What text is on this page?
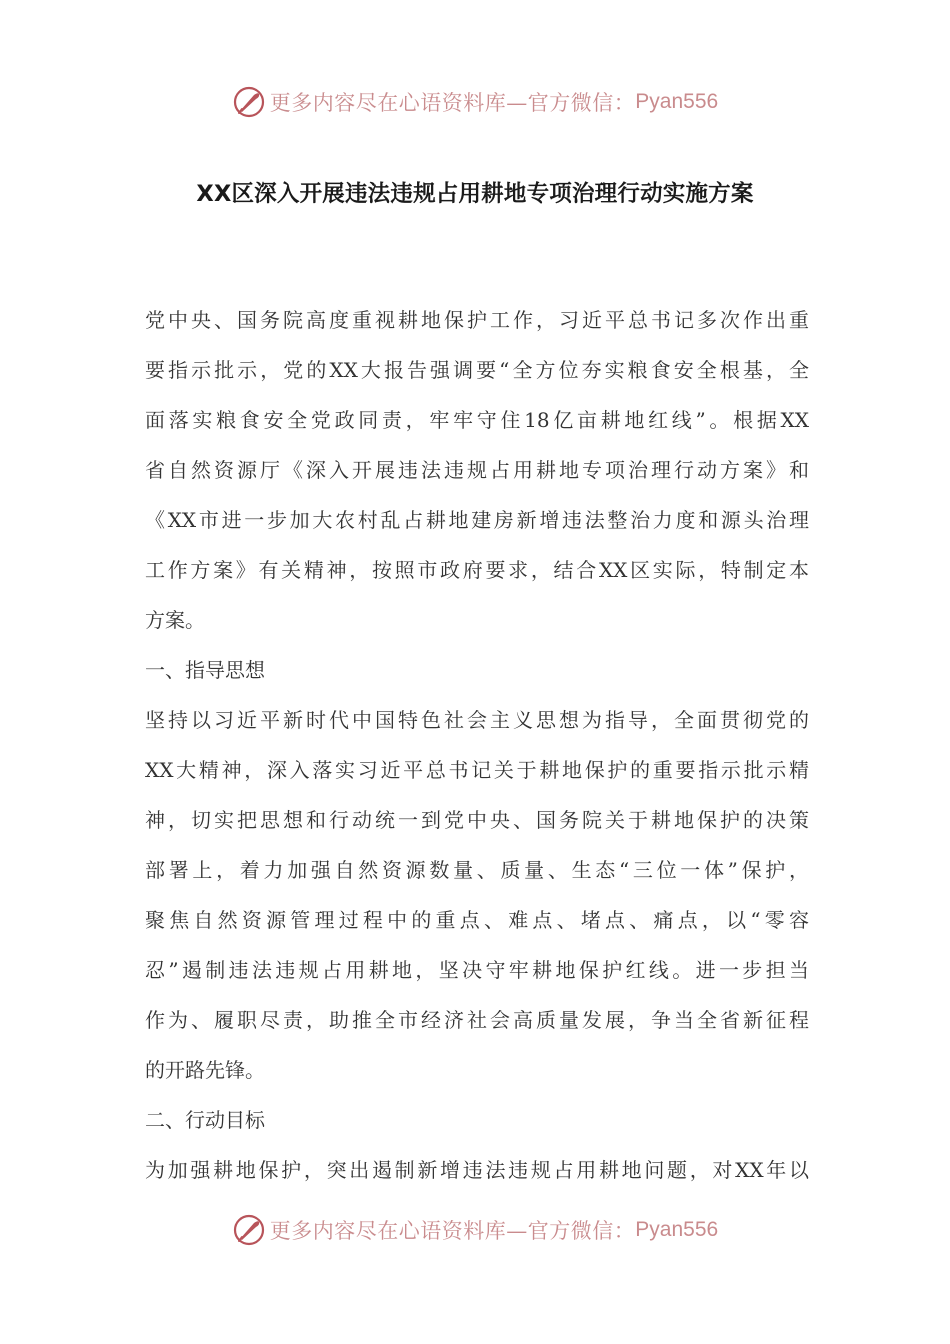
更多内容尽在心语资料库—官方微信： Pyan556
XX区深入开展违法违规占用耕地专项治理行动实施方案
党中央、国务院高度重视耕地保护工作，习近平总书记多次作出重
要指示批示，党的XX大报告强调要“全方位夯实粮食安全根基，全
面落实粮食安全党政同责，牢牢守住18亿亩耕地红线”。根据XX
省自然资源厅《深入开展违法违规占用耕地专项治理行动方案》和
《XX市进一步加大农村乱占耕地建房新增违法整治力度和源头治理
工作方案》有关精神，按照市政府要求，结合XX区实际，特制定本
方案。
一、指导思想
坚持以习近平新时代中国特色社会主义思想为指导，全面贯彻党的
XX大精神，深入落实习近平总书记关于耕地保护的重要指示批示精
神，切实把思想和行动统一到党中央、国务院关于耕地保护的决策
部署上，着力加强自然资源数量、质量、生态“三位一体”保护，
聚焦自然资源管理过程中的重点、难点、堵点、痛点，以“零容
忍”遏制违法违规占用耕地，坚决守牢耕地保护红线。进一步担当
作为、履职尽责，助推全市经济社会高质量发展，争当全省新征程
的开路先锋。
二、行动目标
为加强耕地保护，突出遏制新增违法违规占用耕地问题，对XX年以
更多内容尽在心语资料库—官方微信： Pyan556
